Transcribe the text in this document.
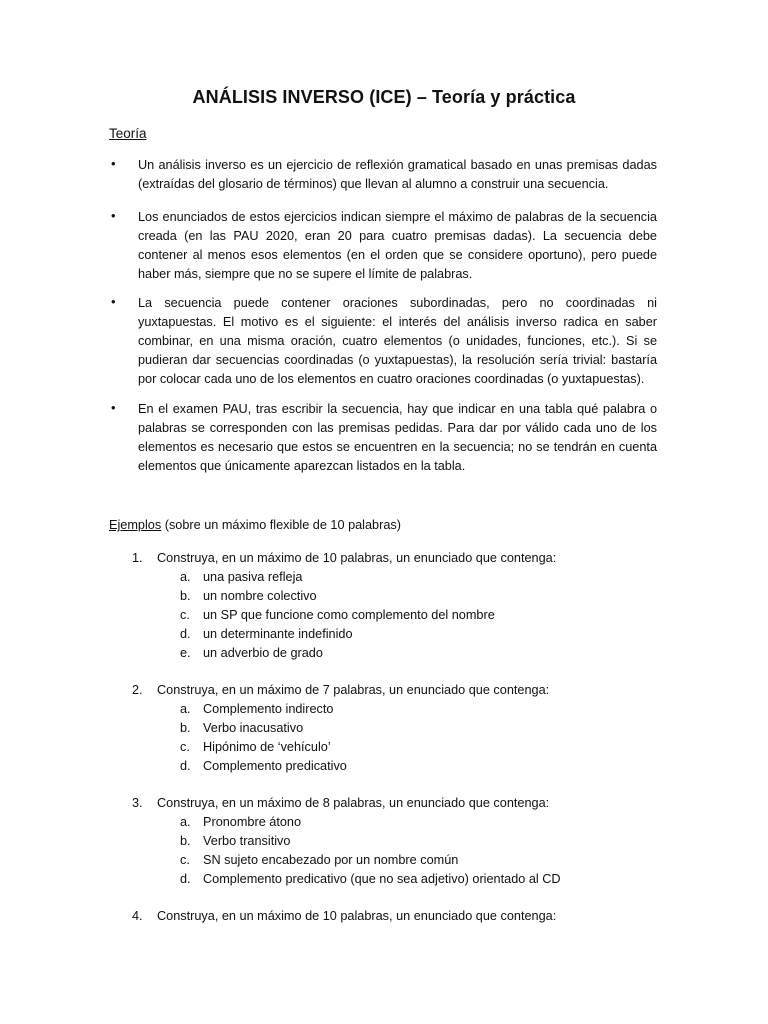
ANÁLISIS INVERSO (ICE) – Teoría y práctica
Teoría
• Un análisis inverso es un ejercicio de reflexión gramatical basado en unas premisas dadas (extraídas del glosario de términos) que llevan al alumno a construir una secuencia.
• Los enunciados de estos ejercicios indican siempre el máximo de palabras de la secuencia creada (en las PAU 2020, eran 20 para cuatro premisas dadas). La secuencia debe contener al menos esos elementos (en el orden que se considere oportuno), pero puede haber más, siempre que no se supere el límite de palabras.
• La secuencia puede contener oraciones subordinadas, pero no coordinadas ni yuxtapuestas. El motivo es el siguiente: el interés del análisis inverso radica en saber combinar, en una misma oración, cuatro elementos (o unidades, funciones, etc.). Si se pudieran dar secuencias coordinadas (o yuxtapuestas), la resolución sería trivial: bastaría por colocar cada uno de los elementos en cuatro oraciones coordinadas (o yuxtapuestas).
• En el examen PAU, tras escribir la secuencia, hay que indicar en una tabla qué palabra o palabras se corresponden con las premisas pedidas. Para dar por válido cada uno de los elementos es necesario que estos se encuentren en la secuencia; no se tendrán en cuenta elementos que únicamente aparezcan listados en la tabla.
Ejemplos (sobre un máximo flexible de 10 palabras)
1. Construya, en un máximo de 10 palabras, un enunciado que contenga:
a. una pasiva refleja
b. un nombre colectivo
c. un SP que funcione como complemento del nombre
d. un determinante indefinido
e. un adverbio de grado
2. Construya, en un máximo de 7 palabras, un enunciado que contenga:
a. Complemento indirecto
b. Verbo inacusativo
c. Hipónimo de ‘vehículo’
d. Complemento predicativo
3. Construya, en un máximo de 8 palabras, un enunciado que contenga:
a. Pronombre átono
b. Verbo transitivo
c. SN sujeto encabezado por un nombre común
d. Complemento predicativo (que no sea adjetivo) orientado al CD
4. Construya, en un máximo de 10 palabras, un enunciado que contenga:
